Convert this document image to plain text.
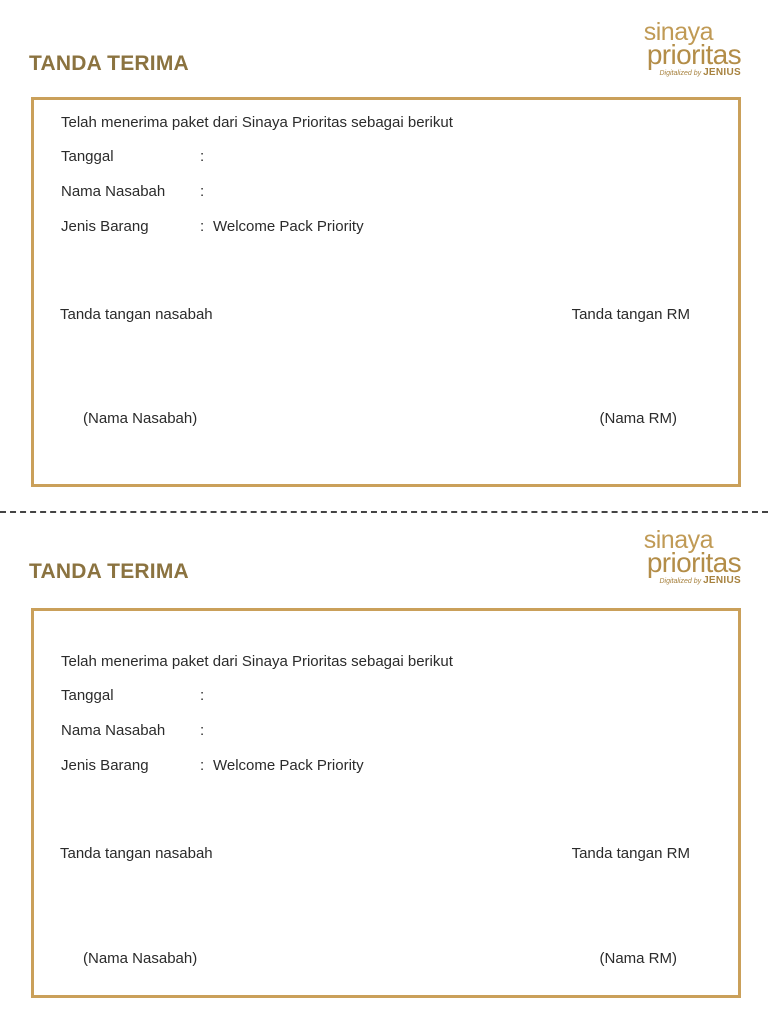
TANDA TERIMA
sinaya
prioritas
Digitalized by JENIUS
Telah menerima paket dari Sinaya Prioritas sebagai berikut
Tanggal	:
Nama Nasabah :
Jenis Barang	: Welcome Pack Priority
Tanda tangan nasabah	Tanda tangan RM
(Nama Nasabah)	(Nama RM)
TANDA TERIMA
sinaya
prioritas
Digitalized by JENIUS
Telah menerima paket dari Sinaya Prioritas sebagai berikut
Tanggal	:
Nama Nasabah :
Jenis Barang	: Welcome Pack Priority
Tanda tangan nasabah	Tanda tangan RM
(Nama Nasabah)	(Nama RM)
